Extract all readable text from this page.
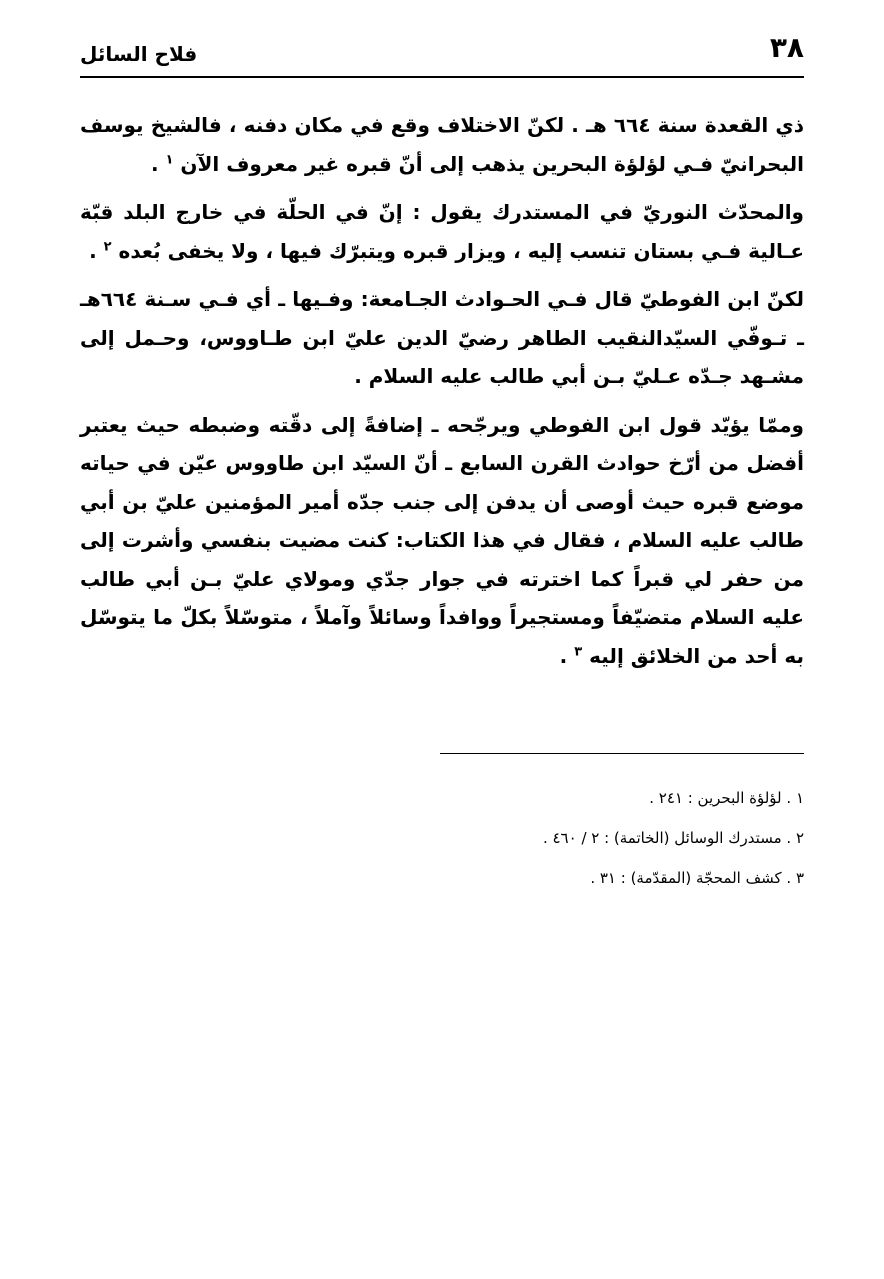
٣٨
فلاح السائل

ذي القعدة سنة ٦٦٤ هـ . لكنّ الاختلاف وقع في مكان دفنه ، فالشيخ يوسف البحرانيّ فـي لؤلؤة البحرين يذهب إلى أنّ قبره غير معروف الآن $^١$ .

والمحدّث النوريّ في المستدرك يقول : إنّ في الحلّة في خارج البلد قبّة عـالية فـي بستان تنسب إليه ، ويزار قبره ويتبرّك فيها ، ولا يخفى بُعده $^٢$ .

لكنّ ابن الفوطيّ قال فـي الحـوادث الجـامعة: وفـيها ـ أي فـي سـنة ٦٦٤هـ ـ تـوفّي السيّدالنقيب الطاهر رضيّ الدين عليّ ابن طـاووس، وحـمل إلى مشـهد جـدّه عـليّ بـن أبي طالب عليه السلام .

وممّا يؤيّد قول ابن الفوطي ويرجّحه ـ إضافةً إلى دقّته وضبطه حيث يعتبر أفضل من أرّخ حوادث القرن السابع ـ أنّ السيّد ابن طاووس عيّن في حياته موضع قبره حيث أوصى أن يدفن إلى جنب جدّه أمير المؤمنين عليّ بن أبي طالب عليه السلام ، فقال في هذا الكتاب: كنت مضيت بنفسي وأشرت إلى من حفر لي قبراً كما اخترته في جوار جدّي ومولاي عليّ بـن أبي طالب عليه السلام متضيّفاً ومستجيراً ووافداً وسائلاً وآملاً ، متوسّلاً بكلّ ما يتوسّل به أحد من الخلائق إليه $^٣$ .

١ . لؤلؤة البحرين : ٢٤١ .

٢ . مستدرك الوسائل (الخاتمة) : ٢ / ٤٦٠ .

٣ . كشف المحجّة (المقدّمة) : ٣١ .
